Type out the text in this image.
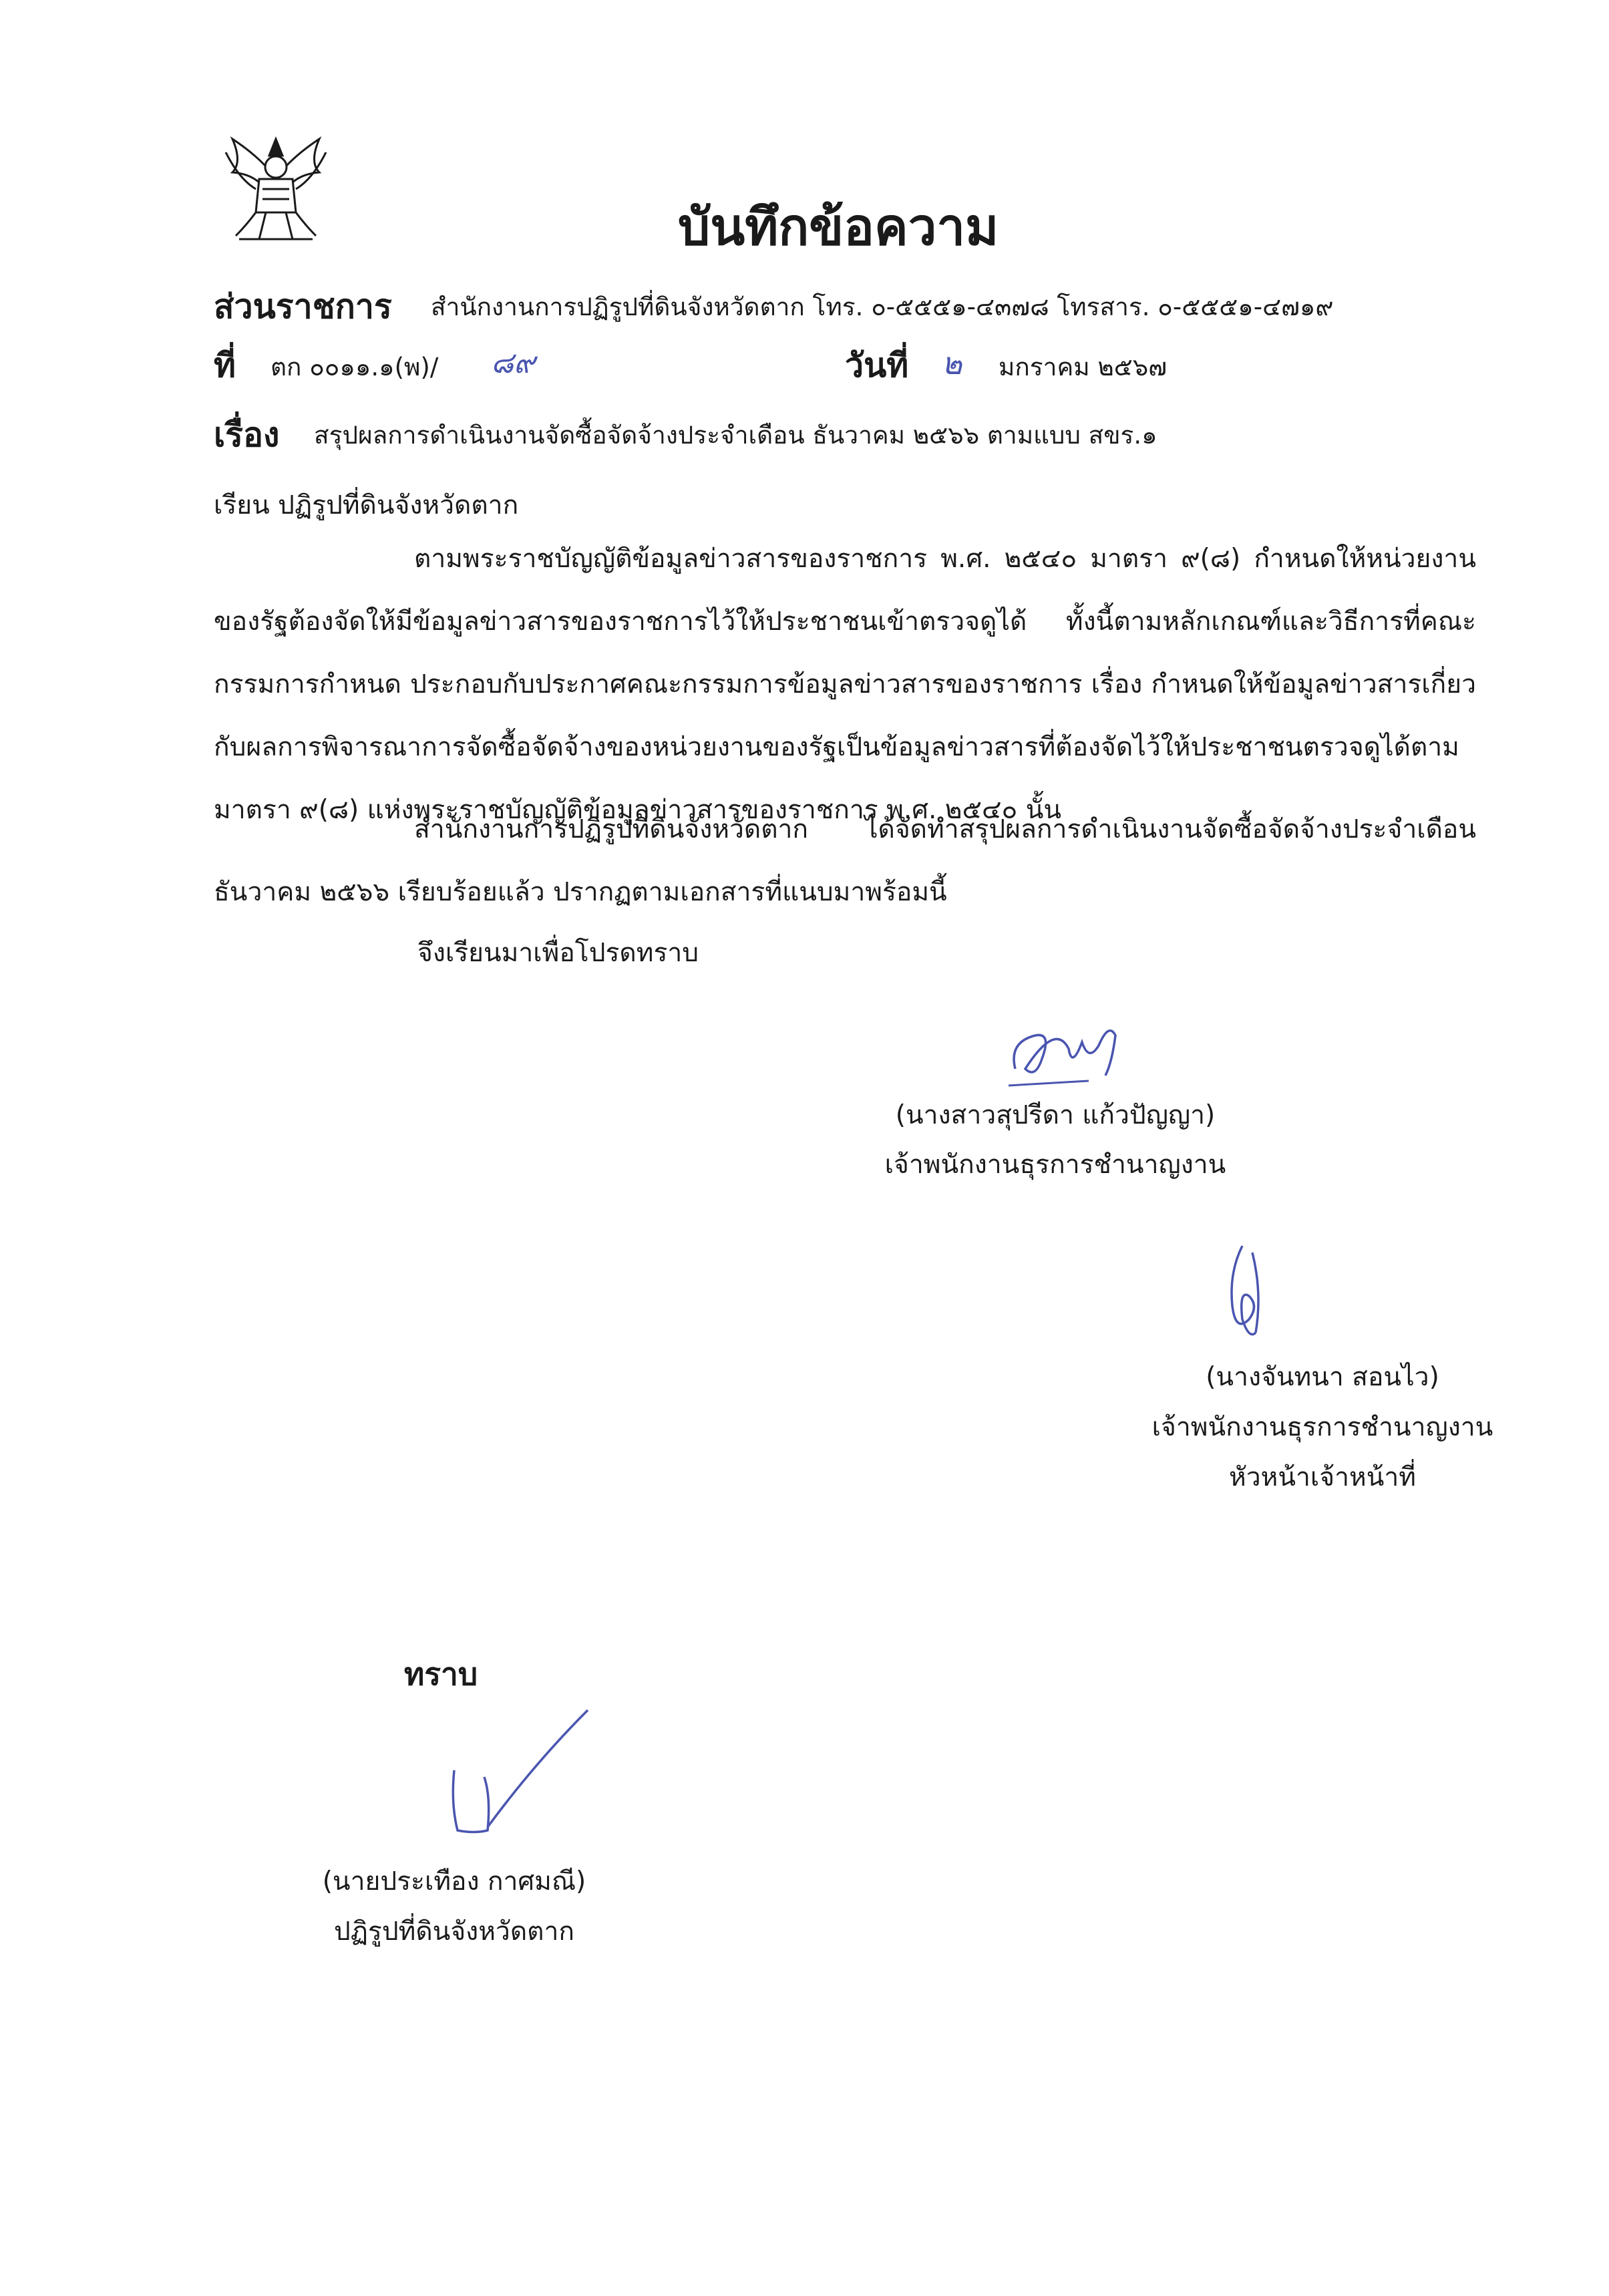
บันทึกข้อความ
ส่วนราชการ สำนักงานการปฏิรูปที่ดินจังหวัดตาก โทร. ๐-๕๕๕๑-๔๓๗๘ โทรสาร. ๐-๕๕๕๑-๔๗๑๙
ที่ ตก ๐๐๑๑.๑(พ)/ ๘๙	วันที่ ๒ มกราคม ๒๕๖๗
เรื่อง สรุปผลการดำเนินงานจัดซื้อจัดจ้างประจำเดือน ธันวาคม ๒๕๖๖ ตามแบบ สขร.๑
เรียน ปฏิรูปที่ดินจังหวัดตาก
ตามพระราชบัญญัติข้อมูลข่าวสารของราชการ พ.ศ. ๒๕๔๐ มาตรา ๙(๘) กำหนดให้หน่วยงานของรัฐต้องจัดให้มีข้อมูลข่าวสารของราชการไว้ให้ประชาชนเข้าตรวจดูได้ ทั้งนี้ตามหลักเกณฑ์และวิธีการที่คณะกรรมการกำหนด ประกอบกับประกาศคณะกรรมการข้อมูลข่าวสารของราชการ เรื่อง กำหนดให้ข้อมูลข่าวสารเกี่ยวกับผลการพิจารณาการจัดซื้อจัดจ้างของหน่วยงานของรัฐเป็นข้อมูลข่าวสารที่ต้องจัดไว้ให้ประชาชนตรวจดูได้ตามมาตรา ๙(๘) แห่งพระราชบัญญัติข้อมูลข่าวสารของราชการ พ.ศ. ๒๕๔๐ นั้น
สำนักงานการปฏิรูปที่ดินจังหวัดตาก ได้จัดทำสรุปผลการดำเนินงานจัดซื้อจัดจ้างประจำเดือนธันวาคม ๒๕๖๖ เรียบร้อยแล้ว ปรากฏตามเอกสารที่แนบมาพร้อมนี้
จึงเรียนมาเพื่อโปรดทราบ
(นางสาวสุปรีดา แก้วปัญญา)
เจ้าพนักงานธุรการชำนาญงาน
(นางจันทนา สอนไว)
เจ้าพนักงานธุรการชำนาญงาน
หัวหน้าเจ้าหน้าที่
ทราบ
(นายประเทือง กาศมณี)
ปฏิรูปที่ดินจังหวัดตาก
